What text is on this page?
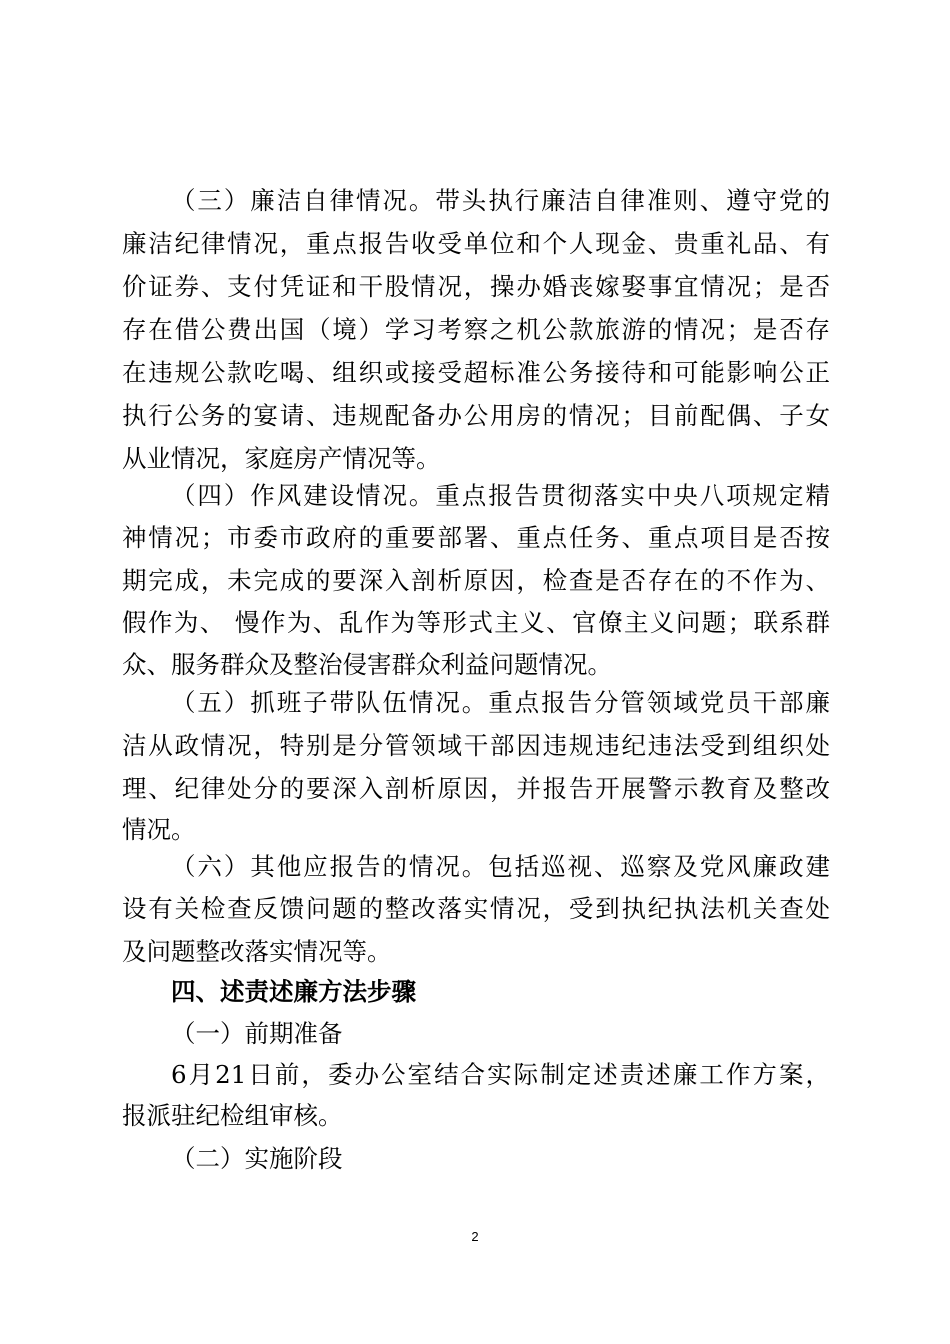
（三）廉洁自律情况。带头执行廉洁自律准则、遵守党的
廉洁纪律情况，重点报告收受单位和个人现金、贵重礼品、有
价证券、支付凭证和干股情况，操办婚丧嫁娶事宜情况；是否
存在借公费出国（境）学习考察之机公款旅游的情况；是否存
在违规公款吃喝、组织或接受超标准公务接待和可能影响公正
执行公务的宴请、违规配备办公用房的情况；目前配偶、子女
从业情况，家庭房产情况等。
（四）作风建设情况。重点报告贯彻落实中央八项规定精
神情况；市委市政府的重要部署、重点任务、重点项目是否按
期完成，未完成的要深入剖析原因，检查是否存在的不作为、
假作为、 慢作为、乱作为等形式主义、官僚主义问题；联系群
众、服务群众及整治侵害群众利益问题情况。
（五）抓班子带队伍情况。重点报告分管领域党员干部廉
洁从政情况，特别是分管领域干部因违规违纪违法受到组织处
理、纪律处分的要深入剖析原因，并报告开展警示教育及整改
情况。
（六）其他应报告的情况。包括巡视、巡察及党风廉政建
设有关检查反馈问题的整改落实情况，受到执纪执法机关查处
及问题整改落实情况等。
四、述责述廉方法步骤
（一）前期准备
6月21日前，委办公室结合实际制定述责述廉工作方案，
报派驻纪检组审核。
（二）实施阶段
2
